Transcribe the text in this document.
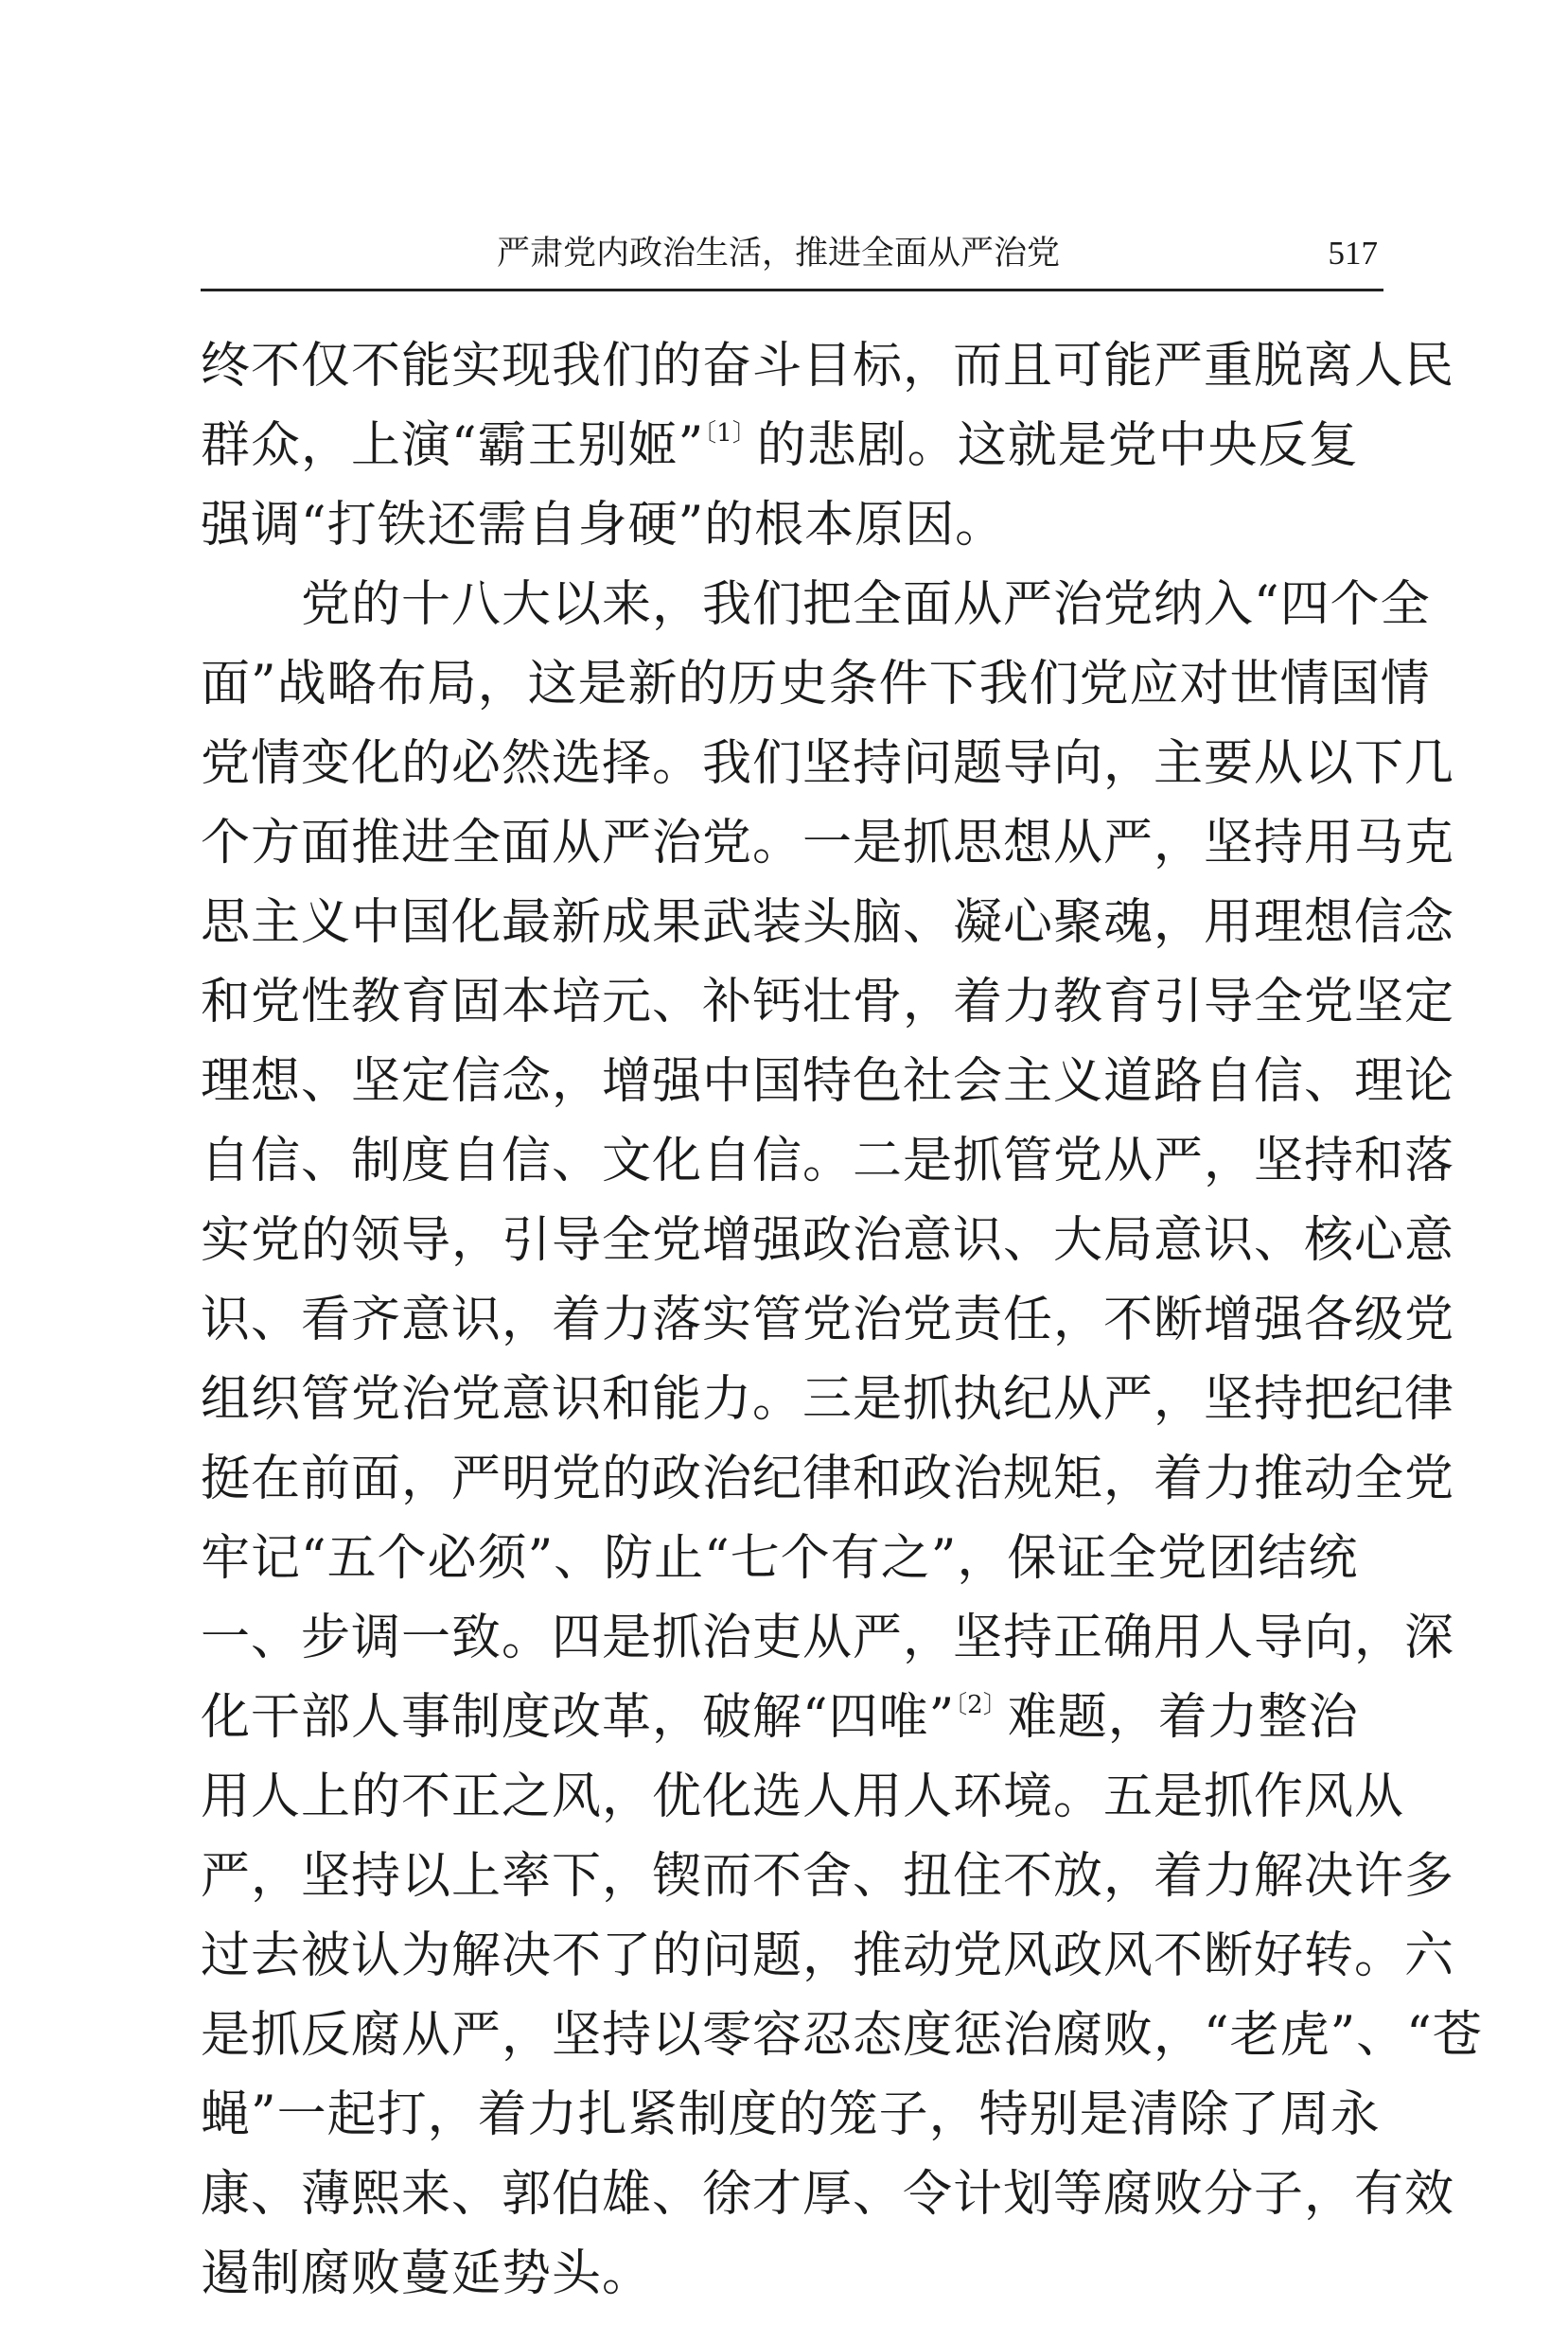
严肃党内政治生活，推进全面从严治党	517
终不仅不能实现我们的奋斗目标，而且可能严重脱离人民
群众，上演“霸王别姬”$^{〔1〕}$的悲剧。这就是党中央反复
强调“打铁还需自身硬”的根本原因。
　　党的十八大以来，我们把全面从严治党纳入“四个全
面”战略布局，这是新的历史条件下我们党应对世情国情
党情变化的必然选择。我们坚持问题导向，主要从以下几
个方面推进全面从严治党。一是抓思想从严，坚持用马克
思主义中国化最新成果武装头脑、凝心聚魂，用理想信念
和党性教育固本培元、补钙壮骨，着力教育引导全党坚定
理想、坚定信念，增强中国特色社会主义道路自信、理论
自信、制度自信、文化自信。二是抓管党从严，坚持和落
实党的领导，引导全党增强政治意识、大局意识、核心意
识、看齐意识，着力落实管党治党责任，不断增强各级党
组织管党治党意识和能力。三是抓执纪从严，坚持把纪律
挺在前面，严明党的政治纪律和政治规矩，着力推动全党
牢记“五个必须”、防止“七个有之”，保证全党团结统
一、步调一致。四是抓治吏从严，坚持正确用人导向，深
化干部人事制度改革，破解“四唯”$^{〔2〕}$难题，着力整治
用人上的不正之风，优化选人用人环境。五是抓作风从
严，坚持以上率下，锲而不舍、扭住不放，着力解决许多
过去被认为解决不了的问题，推动党风政风不断好转。六
是抓反腐从严，坚持以零容忍态度惩治腐败，“老虎”、“苍
蝇”一起打，着力扎紧制度的笼子，特别是清除了周永
康、薄熙来、郭伯雄、徐才厚、令计划等腐败分子，有效
遏制腐败蔓延势头。
